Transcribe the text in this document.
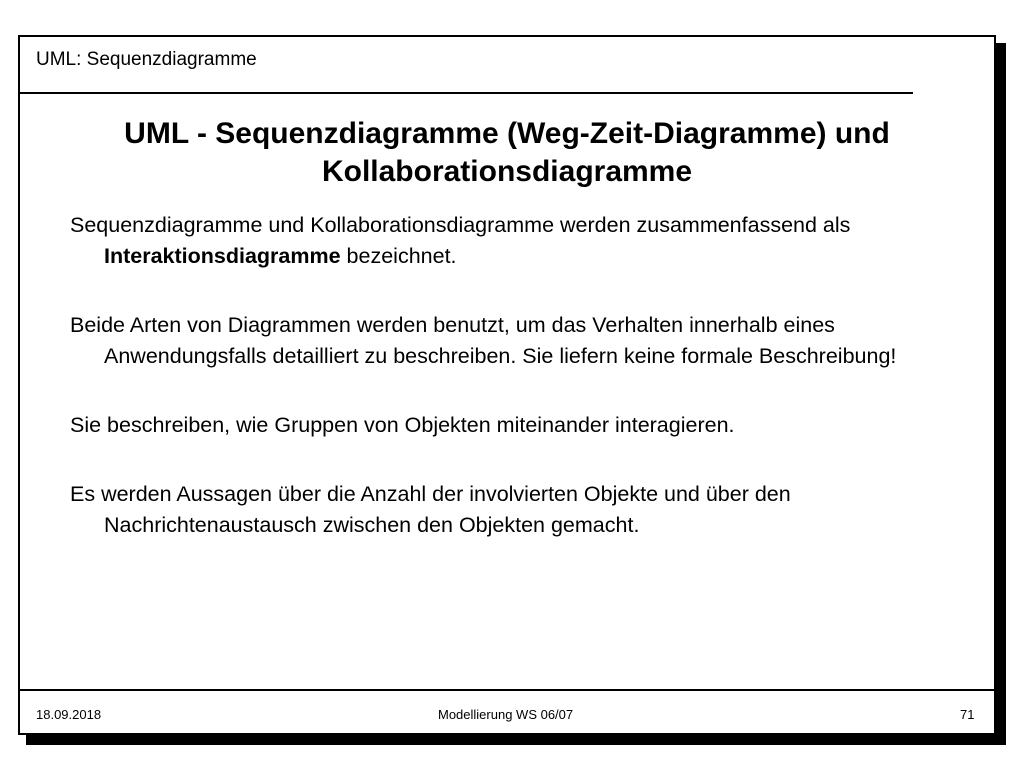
UML: Sequenzdiagramme
UML - Sequenzdiagramme (Weg-Zeit-Diagramme) und Kollaborationsdiagramme

Sequenzdiagramme und Kollaborationsdiagramme werden zusammenfassend als Interaktionsdiagramme bezeichnet.

Beide Arten von Diagrammen werden benutzt, um das Verhalten innerhalb eines Anwendungsfalls detailliert zu beschreiben. Sie liefern keine formale Beschreibung!

Sie beschreiben, wie Gruppen von Objekten miteinander interagieren.

Es werden Aussagen über die Anzahl der involvierten Objekte und über den Nachrichtenaustausch zwischen den Objekten gemacht.

18.09.2018	Modellierung WS 06/07	71
